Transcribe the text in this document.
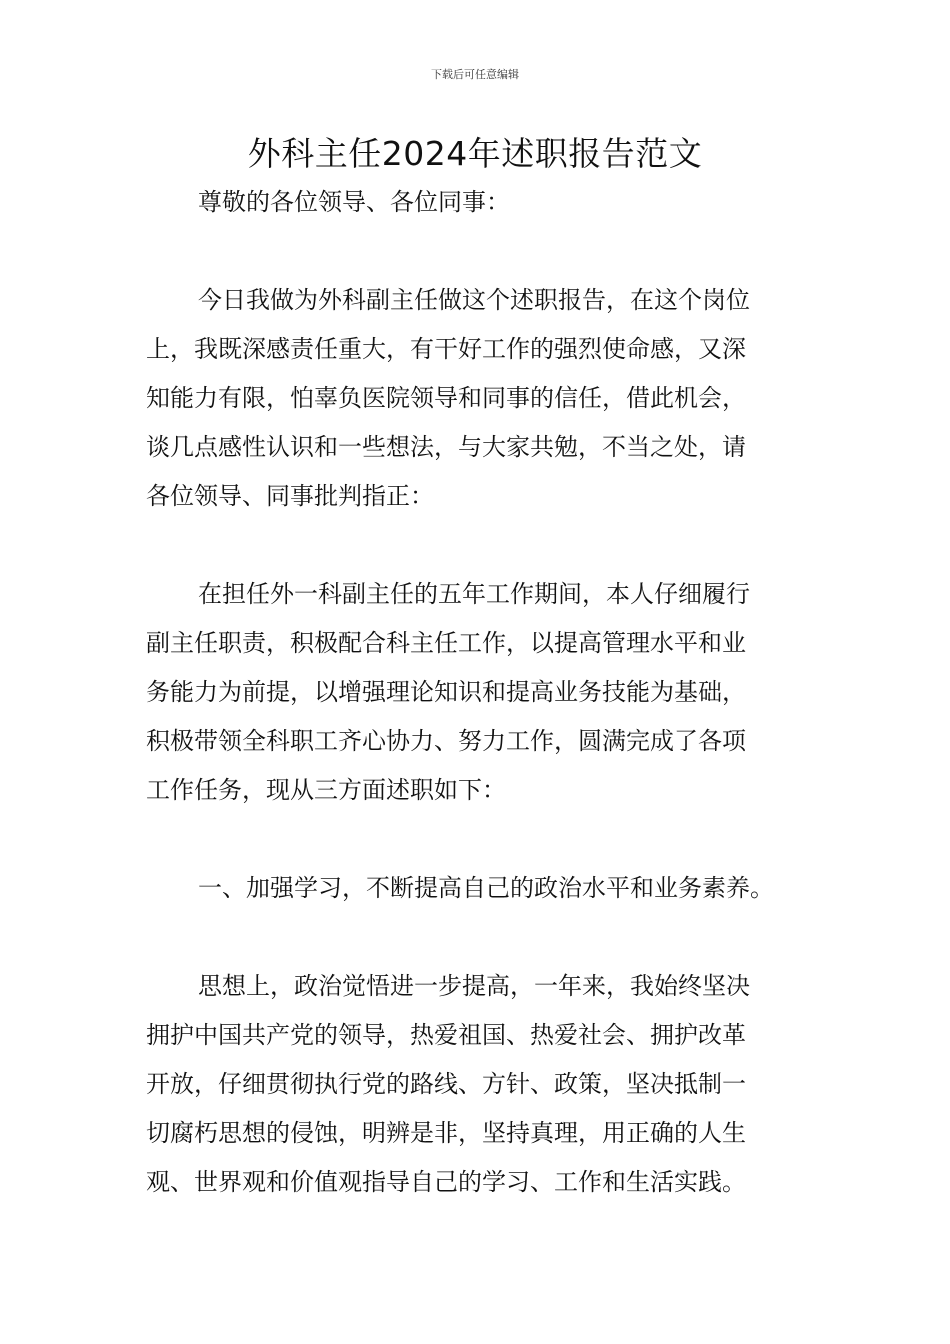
下载后可任意编辑
外科主任2024年述职报告范文
尊敬的各位领导、各位同事：
今日我做为外科副主任做这个述职报告，在这个岗位
上，我既深感责任重大，有干好工作的强烈使命感，又深
知能力有限，怕辜负医院领导和同事的信任，借此机会，
谈几点感性认识和一些想法，与大家共勉，不当之处，请
各位领导、同事批判指正：
在担任外一科副主任的五年工作期间，本人仔细履行
副主任职责，积极配合科主任工作，以提高管理水平和业
务能力为前提，以增强理论知识和提高业务技能为基础，
积极带领全科职工齐心协力、努力工作，圆满完成了各项
工作任务，现从三方面述职如下：
一、加强学习，不断提高自己的政治水平和业务素养。
思想上，政治觉悟进一步提高，一年来，我始终坚决
拥护中国共产党的领导，热爱祖国、热爱社会、拥护改革
开放，仔细贯彻执行党的路线、方针、政策，坚决抵制一
切腐朽思想的侵蚀，明辨是非，坚持真理，用正确的人生
观、世界观和价值观指导自己的学习、工作和生活实践。
